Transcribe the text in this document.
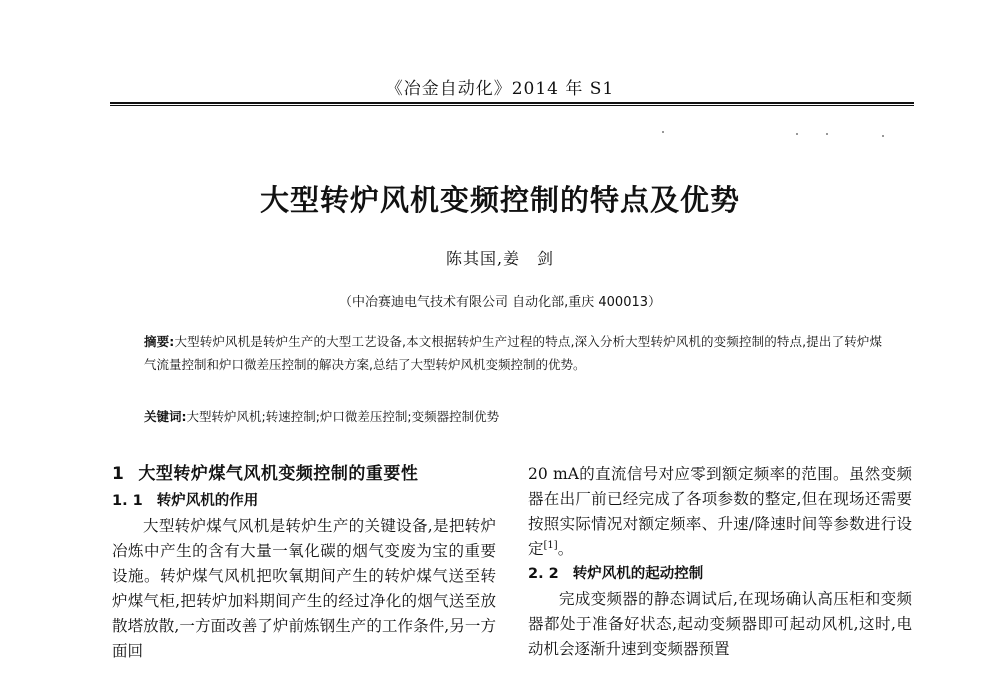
《冶金自动化》2014 年 S1
大型转炉风机变频控制的特点及优势
陈其国,姜　剑
（中冶赛迪电气技术有限公司 自动化部,重庆 400013）
摘要:大型转炉风机是转炉生产的大型工艺设备,本文根据转炉生产过程的特点,深入分析大型转炉风机的变频控制的特点,提出了转炉煤气流量控制和炉口微差压控制的解决方案,总结了大型转炉风机变频控制的优势。
关键词:大型转炉风机;转速控制;炉口微差压控制;变频器控制优势
1 大型转炉煤气风机变频控制的重要性
1. 1 转炉风机的作用
大型转炉煤气风机是转炉生产的关键设备,是把转炉冶炼中产生的含有大量一氧化碳的烟气变废为宝的重要设施。转炉煤气风机把吹氧期间产生的转炉煤气送至转炉煤气柜,把转炉加料期间产生的经过净化的烟气送至放散塔放散,一方面改善了炉前炼钢生产的工作条件,另一方面回
20 mA的直流信号对应零到额定频率的范围。虽然变频器在出厂前已经完成了各项参数的整定,但在现场还需要按照实际情况对额定频率、升速/降速时间等参数进行设定[1]。
2. 2 转炉风机的起动控制
完成变频器的静态调试后,在现场确认高压柜和变频器都处于准备好状态,起动变频器即可起动风机,这时,电动机会逐渐升速到变频器预置
